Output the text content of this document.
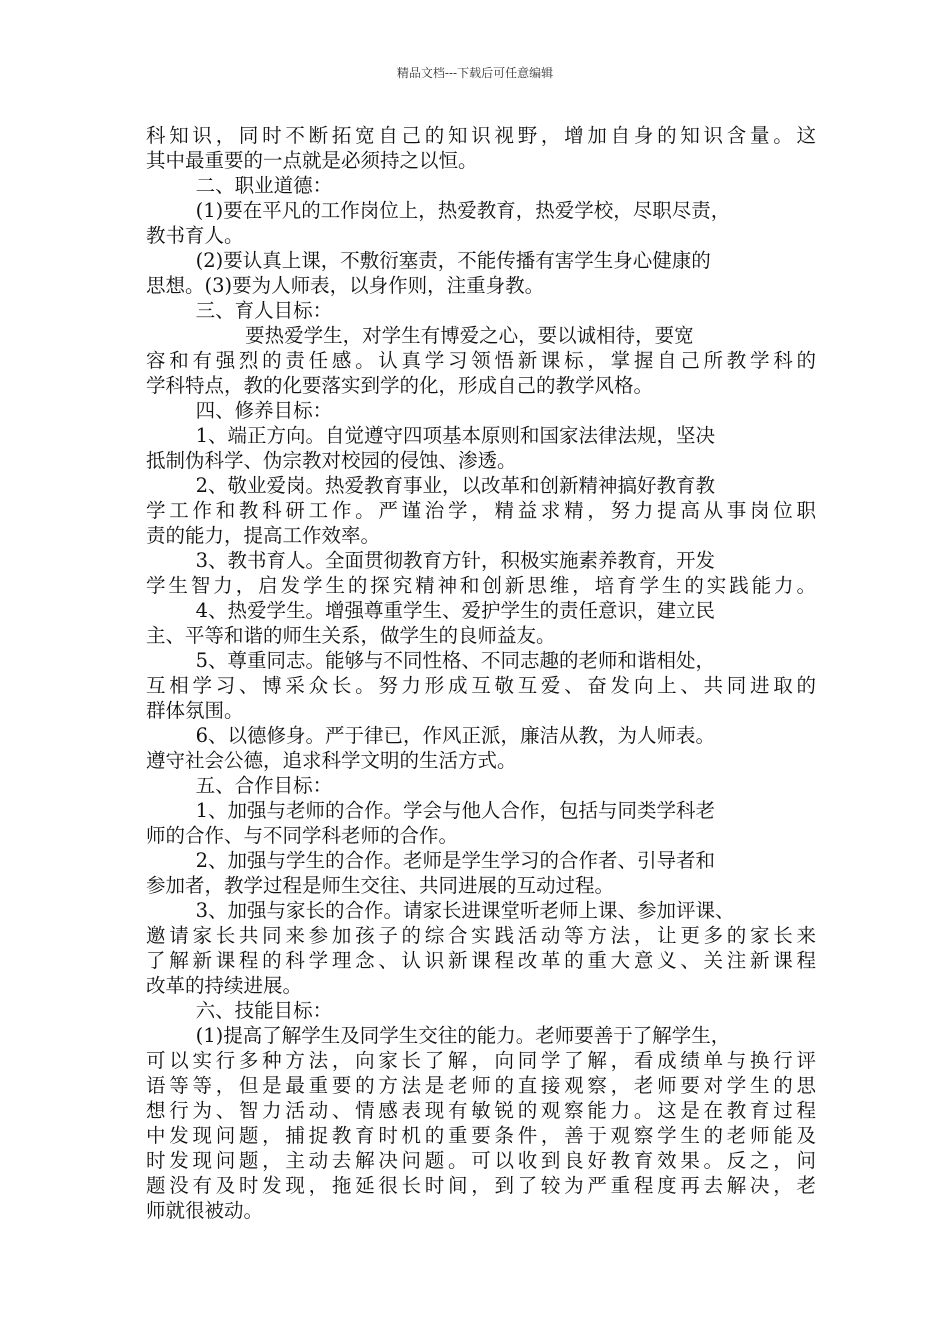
精品文档---下载后可任意编辑
科知识，同时不断拓宽自己的知识视野，增加自身的知识含量。这
其中最重要的一点就是必须持之以恒。
二、职业道德：
(1)要在平凡的工作岗位上，热爱教育，热爱学校，尽职尽责，
教书育人。
(2)要认真上课，不敷衍塞责，不能传播有害学生身心健康的
思想。(3)要为人师表，以身作则，注重身教。
三、育人目标：
要热爱学生，对学生有博爱之心，要以诚相待，要宽
容和有强烈的责任感。认真学习领悟新课标，掌握自己所教学科的
学科特点，教的化要落实到学的化，形成自己的教学风格。
四、修养目标：
1、端正方向。自觉遵守四项基本原则和国家法律法规，坚决
抵制伪科学、伪宗教对校园的侵蚀、渗透。
2、敬业爱岗。热爱教育事业，以改革和创新精神搞好教育教
学工作和教科研工作。严谨治学，精益求精，努力提高从事岗位职
责的能力，提高工作效率。
3、教书育人。全面贯彻教育方针，积极实施素养教育，开发
学生智力，启发学生的探究精神和创新思维，培育学生的实践能力。
4、热爱学生。增强尊重学生、爱护学生的责任意识，建立民
主、平等和谐的师生关系，做学生的良师益友。
5、尊重同志。能够与不同性格、不同志趣的老师和谐相处，
互相学习、博采众长。努力形成互敬互爱、奋发向上、共同进取的
群体氛围。
6、以德修身。严于律已，作风正派，廉洁从教，为人师表。
遵守社会公德，追求科学文明的生活方式。
五、合作目标：
1、加强与老师的合作。学会与他人合作，包括与同类学科老
师的合作、与不同学科老师的合作。
2、加强与学生的合作。老师是学生学习的合作者、引导者和
参加者，教学过程是师生交往、共同进展的互动过程。
3、加强与家长的合作。请家长进课堂听老师上课、参加评课、
邀请家长共同来参加孩子的综合实践活动等方法，让更多的家长来
了解新课程的科学理念、认识新课程改革的重大意义、关注新课程
改革的持续进展。
六、技能目标：
(1)提高了解学生及同学生交往的能力。老师要善于了解学生，
可以实行多种方法，向家长了解，向同学了解，看成绩单与换行评
语等等，但是最重要的方法是老师的直接观察，老师要对学生的思
想行为、智力活动、情感表现有敏锐的观察能力。这是在教育过程
中发现问题，捕捉教育时机的重要条件，善于观察学生的老师能及
时发现问题，主动去解决问题。可以收到良好教育效果。反之，问
题没有及时发现，拖延很长时间，到了较为严重程度再去解决，老
师就很被动。
